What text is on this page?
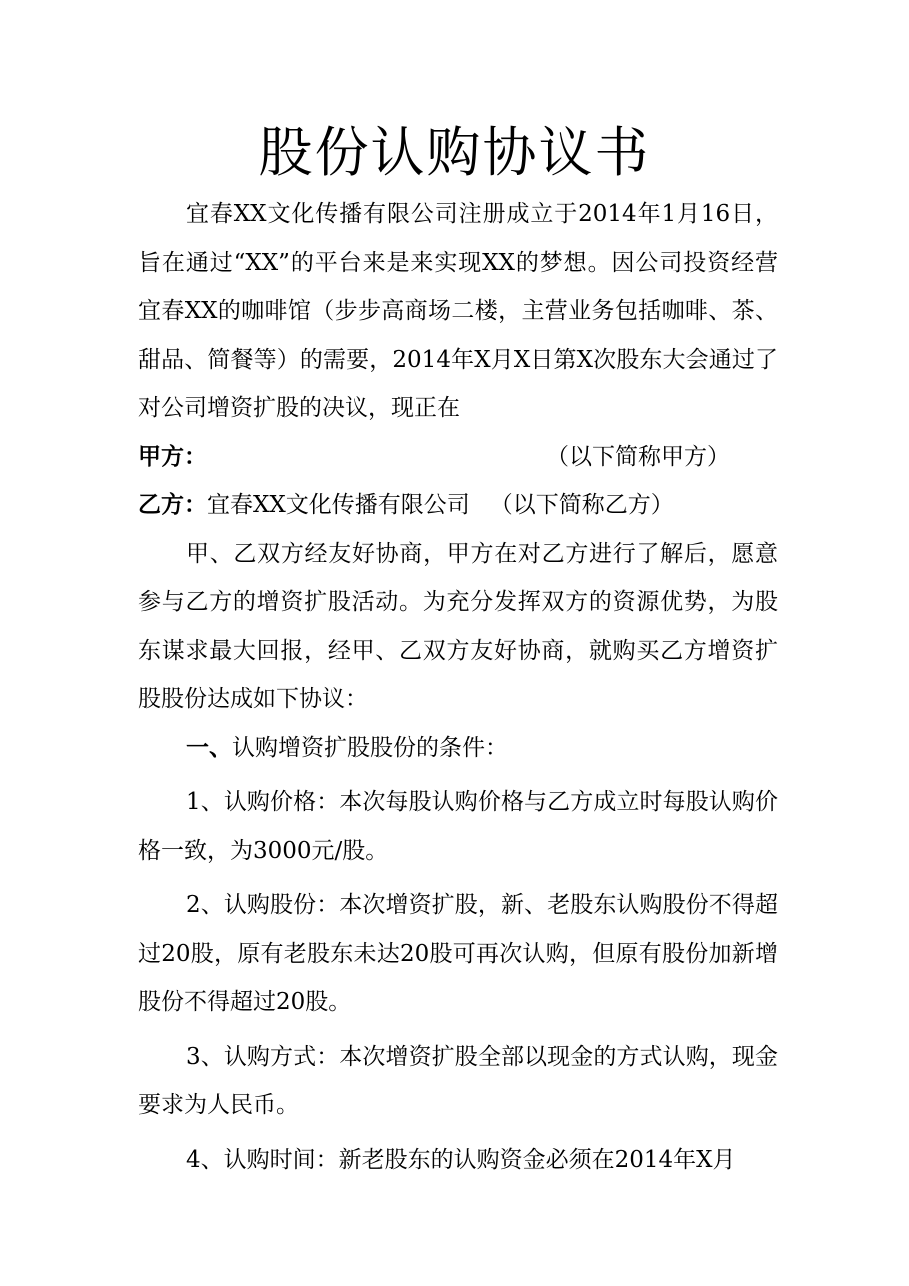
股份认购协议书

宜春XX文化传播有限公司注册成立于2014年1月16日，旨在通过“XX”的平台来是来实现XX的梦想。因公司投资经营宜春XX的咖啡馆（步步高商场二楼，主营业务包括咖啡、茶、甜品、简餐等）的需要，2014年X月X日第X次股东大会通过了对公司增资扩股的决议，现正在

甲方：	（以下简称甲方）

乙方：宜春XX文化传播有限公司 （以下简称乙方）

甲、乙双方经友好协商，甲方在对乙方进行了解后，愿意参与乙方的增资扩股活动。为充分发挥双方的资源优势，为股东谋求最大回报，经甲、乙双方友好协商，就购买乙方增资扩股股份达成如下协议：

一、认购增资扩股股份的条件：

1、认购价格：本次每股认购价格与乙方成立时每股认购价格一致，为3000元/股。

2、认购股份：本次增资扩股，新、老股东认购股份不得超过20股，原有老股东未达20股可再次认购，但原有股份加新增股份不得超过20股。

3、认购方式：本次增资扩股全部以现金的方式认购，现金要求为人民币。

4、认购时间：新老股东的认购资金必须在2014年X月
